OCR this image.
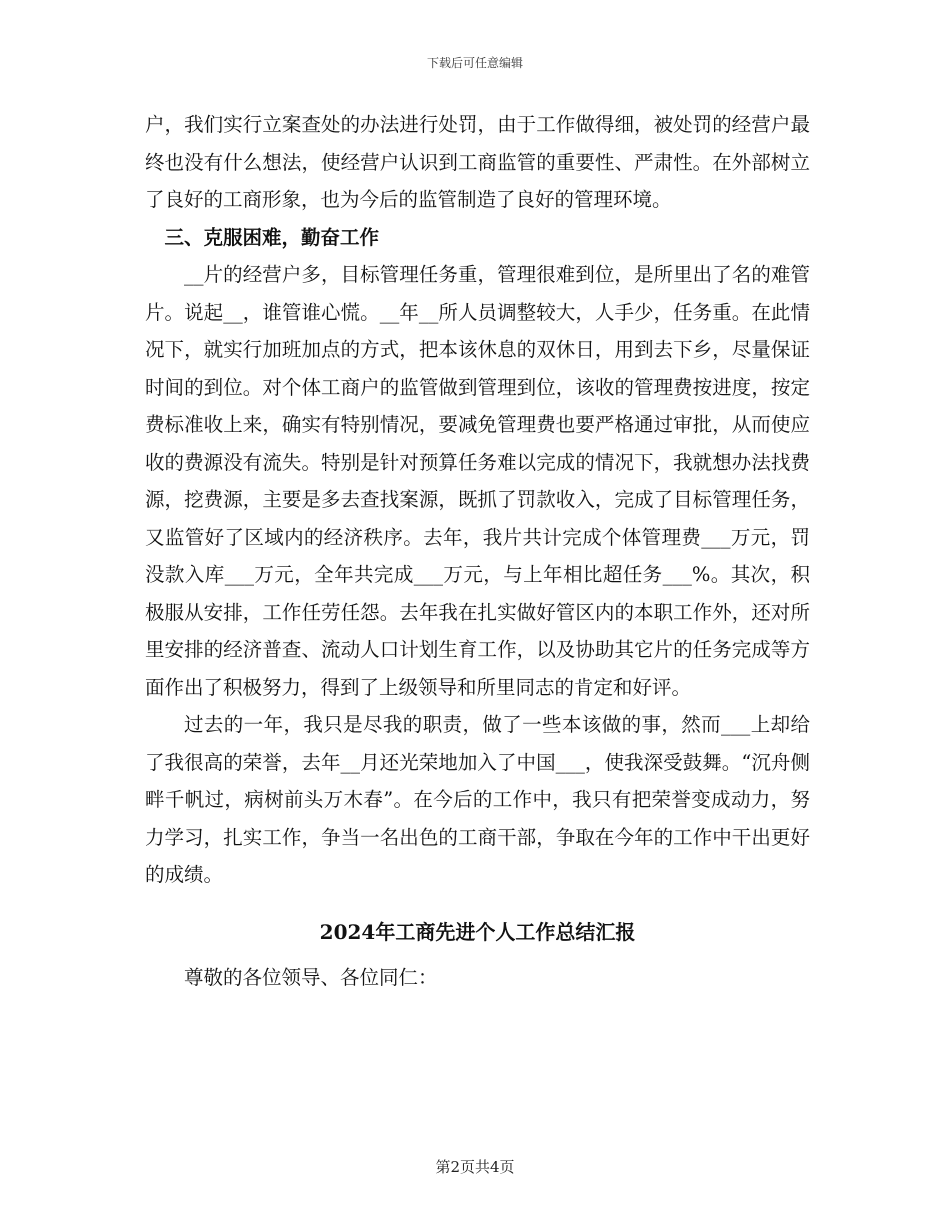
下载后可任意编辑

户，我们实行立案查处的办法进行处罚，由于工作做得细，被处罚的经营户最终也没有什么想法，使经营户认识到工商监管的重要性、严肃性。在外部树立了良好的工商形象，也为今后的监管制造了良好的管理环境。

三、克服困难，勤奋工作

__片的经营户多，目标管理任务重，管理很难到位，是所里出了名的难管片。说起__，谁管谁心慌。__年__所人员调整较大，人手少，任务重。在此情况下，就实行加班加点的方式，把本该休息的双休日，用到去下乡，尽量保证时间的到位。对个体工商户的监管做到管理到位，该收的管理费按进度，按定费标准收上来，确实有特别情况，要减免管理费也要严格通过审批，从而使应收的费源没有流失。特别是针对预算任务难以完成的情况下，我就想办法找费源，挖费源，主要是多去查找案源，既抓了罚款收入，完成了目标管理任务，又监管好了区域内的经济秩序。去年，我片共计完成个体管理费___万元，罚没款入库___万元，全年共完成___万元，与上年相比超任务___%。其次，积极服从安排，工作任劳任怨。去年我在扎实做好管区内的本职工作外，还对所里安排的经济普查、流动人口计划生育工作，以及协助其它片的任务完成等方面作出了积极努力，得到了上级领导和所里同志的肯定和好评。

过去的一年，我只是尽我的职责，做了一些本该做的事，然而___上却给了我很高的荣誉，去年__月还光荣地加入了中国___，使我深受鼓舞。“沉舟侧畔千帆过，病树前头万木春”。在今后的工作中，我只有把荣誉变成动力，努力学习，扎实工作，争当一名出色的工商干部，争取在今年的工作中干出更好的成绩。

2024年工商先进个人工作总结汇报

尊敬的各位领导、各位同仁：

第2页共4页
